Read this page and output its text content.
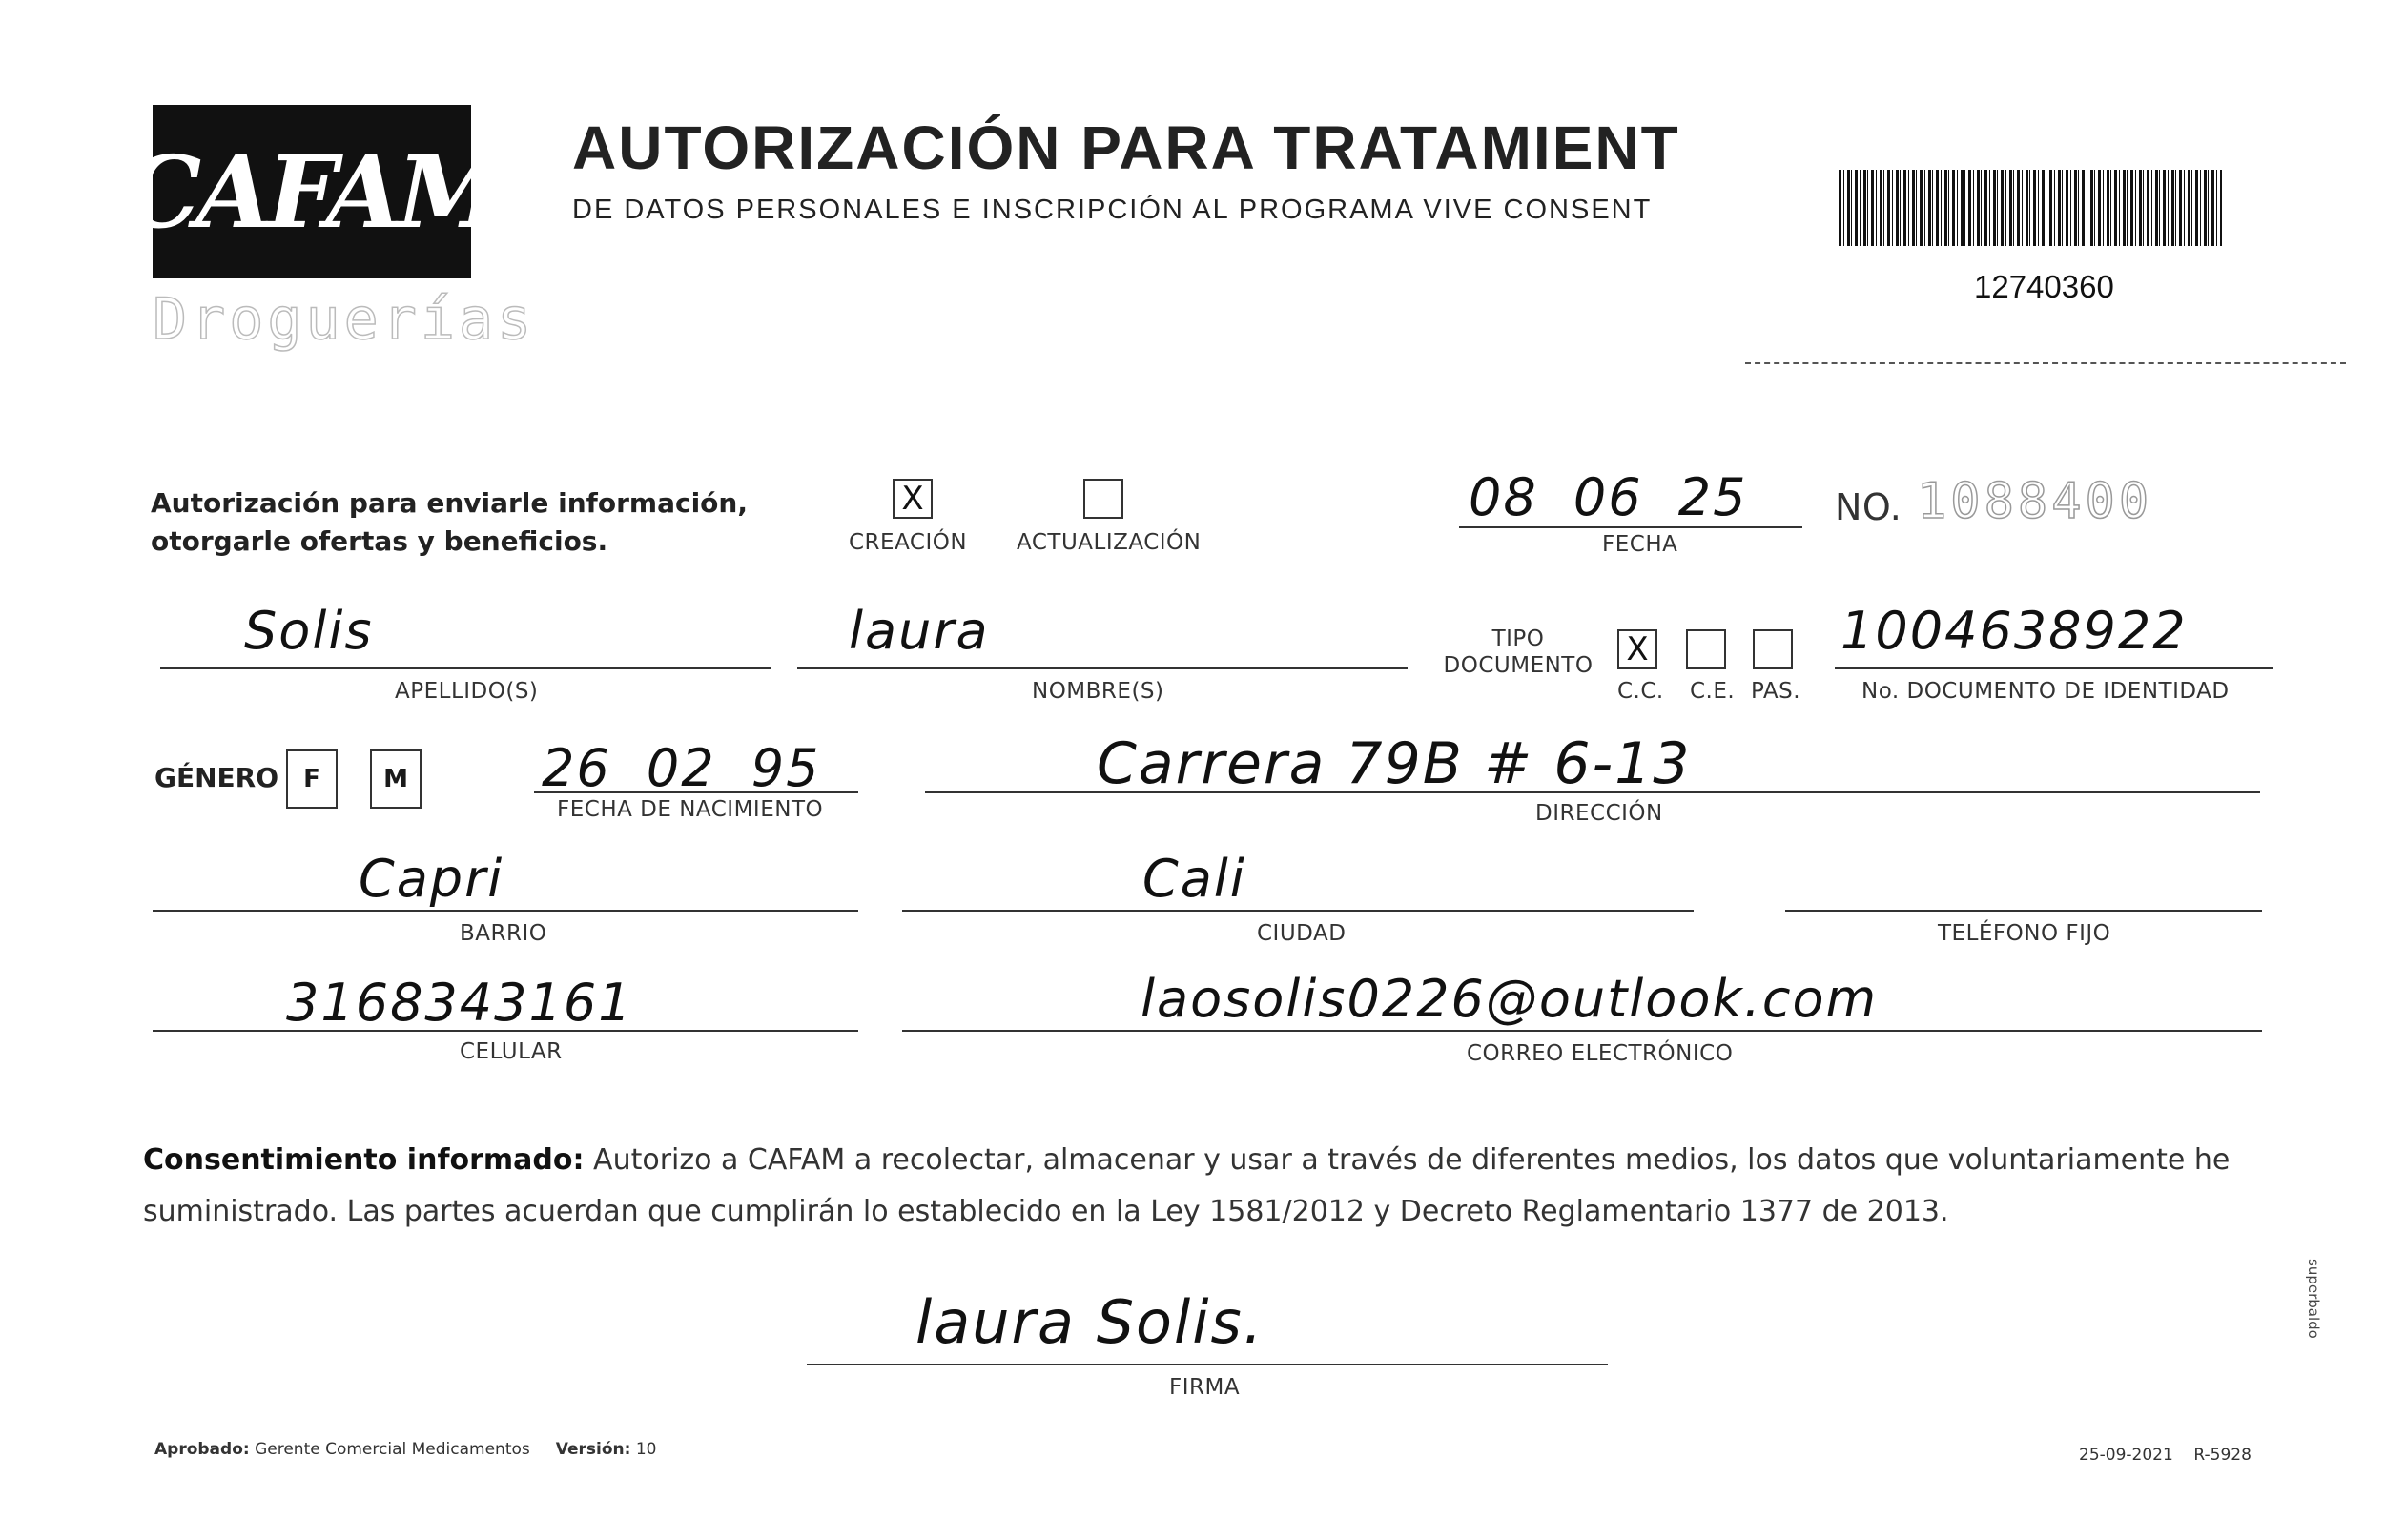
CAFAM
Droguerías
AUTORIZACIÓN PARA TRATAMIENT
DE DATOS PERSONALES E INSCRIPCIÓN AL PROGRAMA VIVE CONSENT
12740360
Autorización para enviarle información,
otorgarle ofertas y beneficios.
X
CREACIÓN ACTUALIZACIÓN
08 06 25
FECHA
NO. 1088400
Solis
APELLIDO(S)
laura
NOMBRE(S)
TIPO DOCUMENTO X
C.C. C.E. PAS.
1004638922
No. DOCUMENTO DE IDENTIDAD
GÉNERO F	M	26 02 95
FECHA DE NACIMIENTO
Carrera 79B # 6-13
DIRECCIÓN
Capri
BARRIO
Cali
CIUDAD	TELÉFONO FIJO
3168343161
CELULAR
laosolis0226@outlook.com
CORREO ELECTRÓNICO
Consentimiento informado: Autorizo a CAFAM a recolectar, almacenar y usar a través de diferentes medios, los datos que voluntariamente he suministrado. Las partes acuerdan que cumplirán lo establecido en la Ley 1581/2012 y Decreto Reglamentario 1377 de 2013.
laura Solis.
FIRMA
Aprobado: Gerente Comercial Medicamentos Versión: 10	25-09-2021 R-5928
superbaldo
